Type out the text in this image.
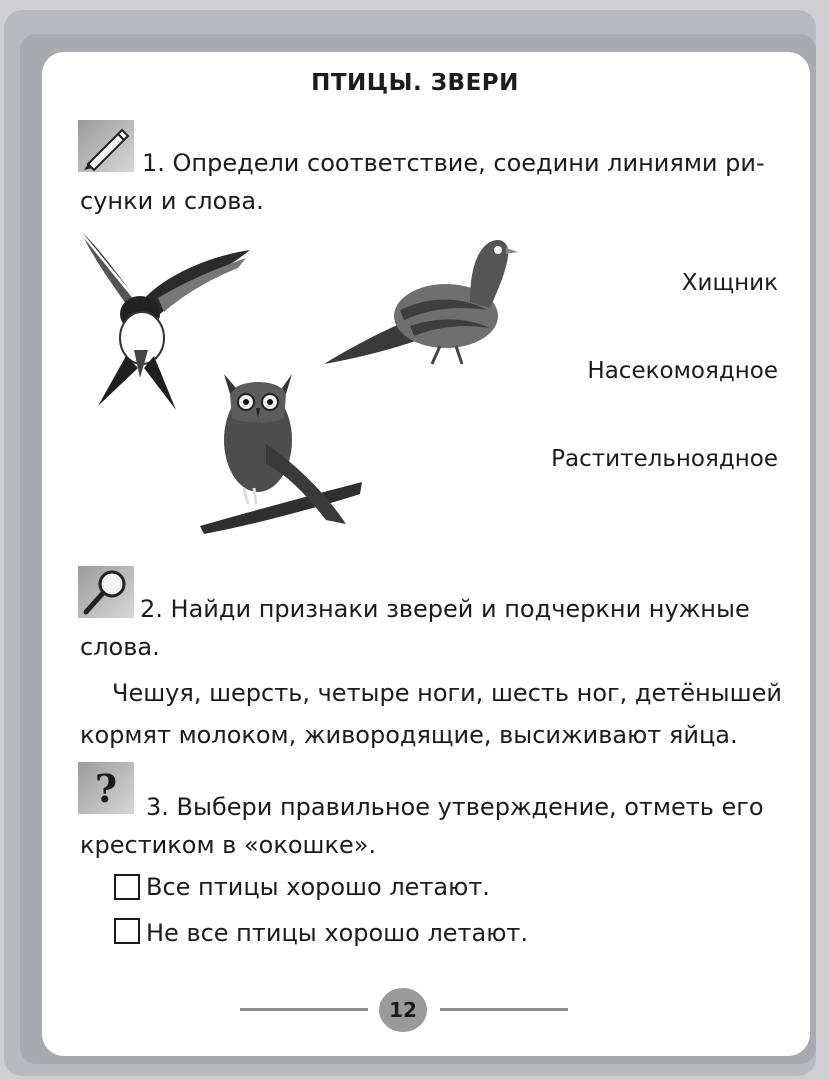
ПТИЦЫ. ЗВЕРИ
1. Определи соответствие, соедини линиями ри-
сунки и слова.
Хищник
Насекомоядное
Растительноядное
2. Найди признаки зверей и подчеркни нужные
слова.
Чешуя, шерсть, четыре ноги, шесть ног, детёнышей
кормят молоком, живородящие, высиживают яйца.
? 3. Выбери правильное утверждение, отметь его
крестиком в «окошке».
Все птицы хорошо летают.
Не все птицы хорошо летают.
12
